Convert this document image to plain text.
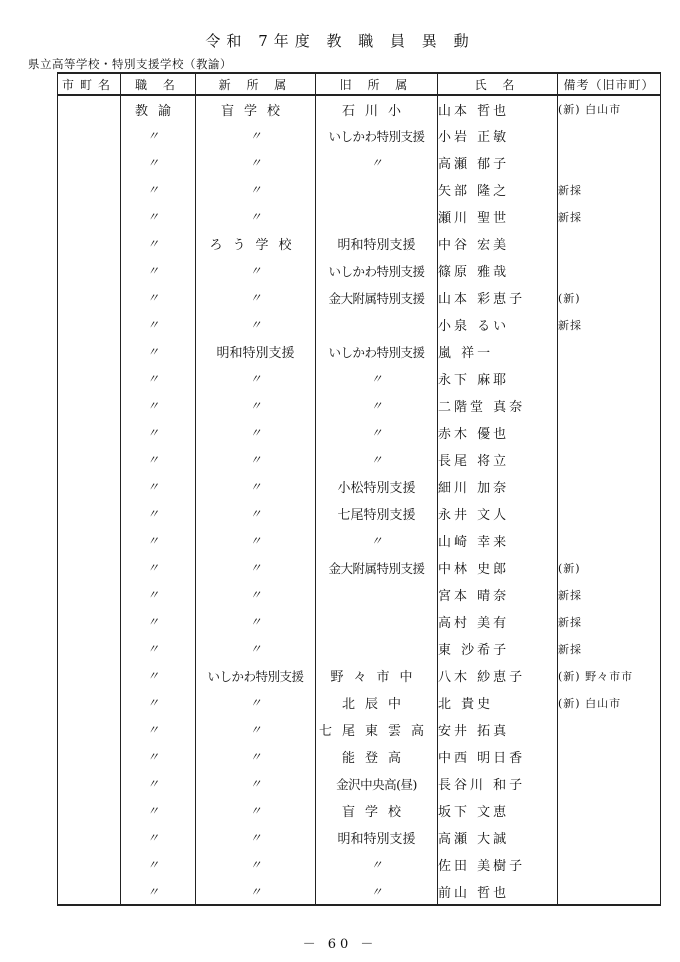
令和 7年度 教 職 員 異 動
県立高等学校・特別支援学校（教諭）
市町名	職 名	新 所 属	旧 所 属	氏 名	備考（旧市町）
	教諭	盲学校	石川小	山本 哲也	(新) 白山市
	〃	〃	いしかわ特別支援	小岩 正敏	
	〃	〃	〃	高瀬 郁子	
	〃	〃		矢部 隆之	新採
	〃	〃		瀬川 聖世	新採
	〃	ろう学校	明和特別支援	中谷 宏美	
	〃	〃	いしかわ特別支援	篠原 雅哉	
	〃	〃	金大附属特別支援	山本 彩恵子	(新)
	〃	〃		小泉 るい	新採
	〃	明和特別支援	いしかわ特別支援	嵐 祥一	
	〃	〃	〃	永下 麻耶	
	〃	〃	〃	二階堂 真奈	
	〃	〃	〃	赤木 優也	
	〃	〃	〃	長尾 将立	
	〃	〃	小松特別支援	細川 加奈	
	〃	〃	七尾特別支援	永井 文人	
	〃	〃	〃	山崎 幸来	
	〃	〃	金大附属特別支援	中林 史郎	(新)
	〃	〃		宮本 晴奈	新採
	〃	〃		高村 美有	新採
	〃	〃		東 沙希子	新採
	〃	いしかわ特別支援	野々市中	八木 紗恵子	(新) 野々市市
	〃	〃	北辰中	北 貴史	(新) 白山市
	〃	〃	七尾東雲高	安井 拓真	
	〃	〃	能登高	中西 明日香	
	〃	〃	金沢中央高(昼)	長谷川 和子	
	〃	〃	盲学校	坂下 文恵	
	〃	〃	明和特別支援	高瀬 大誠	
	〃	〃	〃	佐田 美樹子	
	〃	〃	〃	前山 哲也	
－ 60 －
